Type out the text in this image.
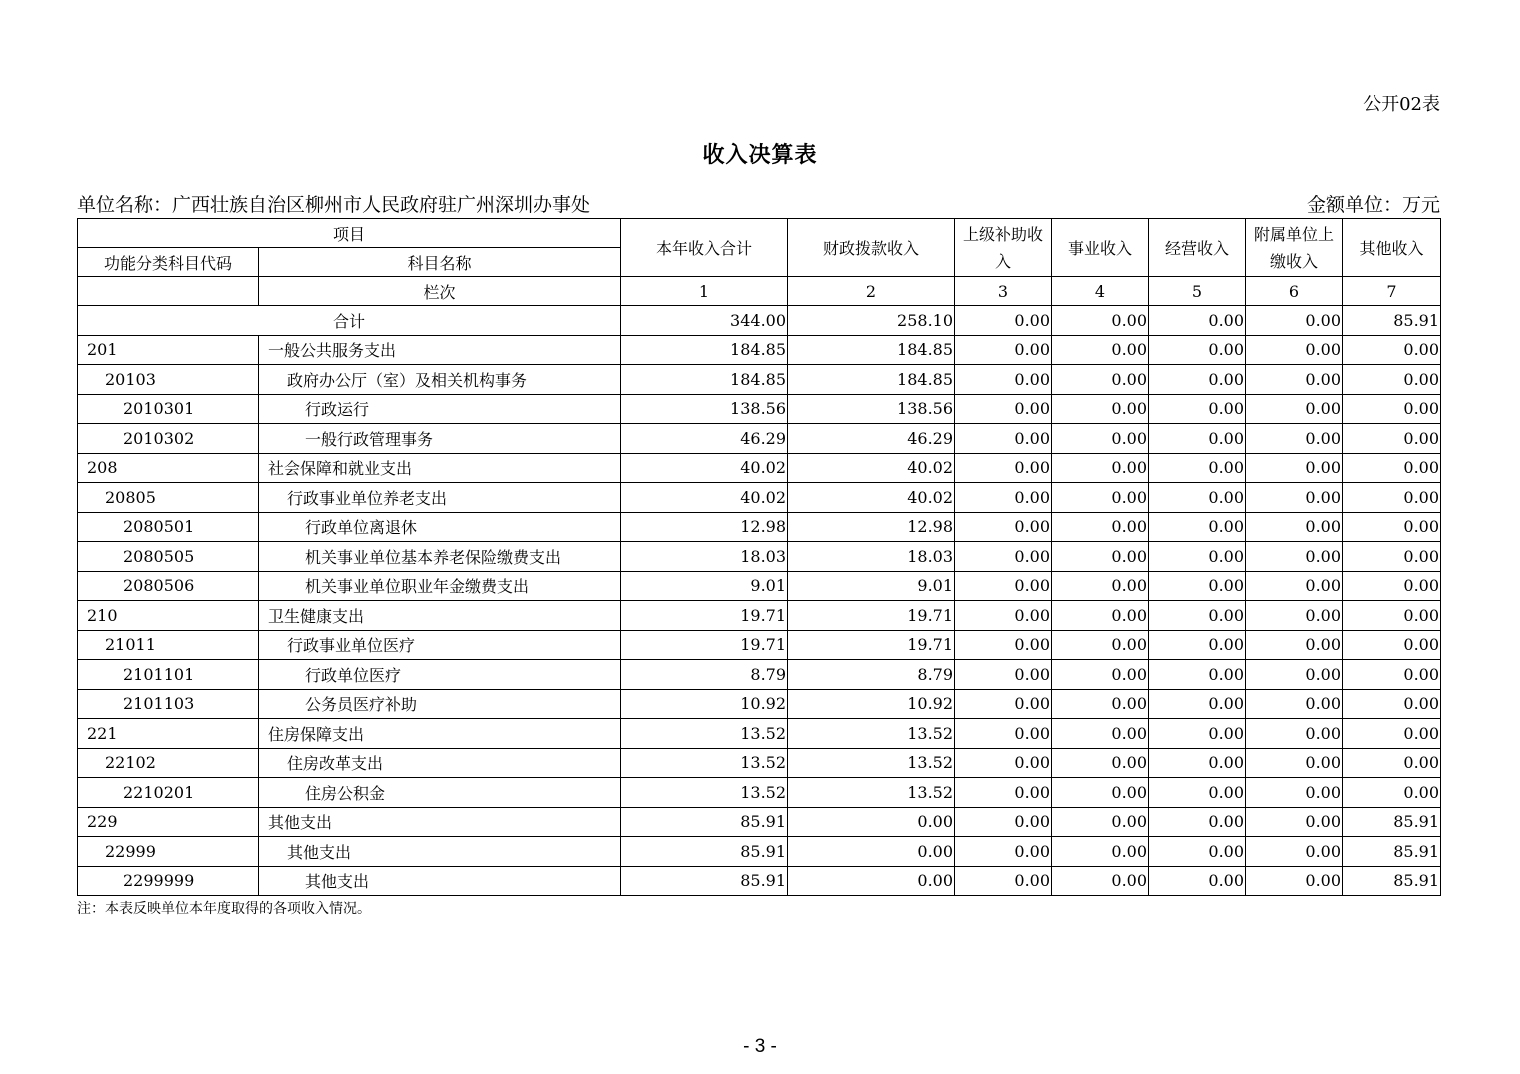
公开02表
收入决算表
单位名称：广西壮族自治区柳州市人民政府驻广州深圳办事处	金额单位：万元
项目		本年收入合计	财政拨款收入	上级补助收入	事业收入	经营收入	附属单位上缴收入	其他收入
功能分类科目代码	科目名称							
	栏次	1	2	3	4	5	6	7
合计		344.00	258.10	0.00	0.00	0.00	0.00	85.91
201	一般公共服务支出	184.85	184.85	0.00	0.00	0.00	0.00	0.00
20103	政府办公厅（室）及相关机构事务	184.85	184.85	0.00	0.00	0.00	0.00	0.00
2010301	行政运行	138.56	138.56	0.00	0.00	0.00	0.00	0.00
2010302	一般行政管理事务	46.29	46.29	0.00	0.00	0.00	0.00	0.00
208	社会保障和就业支出	40.02	40.02	0.00	0.00	0.00	0.00	0.00
20805	行政事业单位养老支出	40.02	40.02	0.00	0.00	0.00	0.00	0.00
2080501	行政单位离退休	12.98	12.98	0.00	0.00	0.00	0.00	0.00
2080505	机关事业单位基本养老保险缴费支出	18.03	18.03	0.00	0.00	0.00	0.00	0.00
2080506	机关事业单位职业年金缴费支出	9.01	9.01	0.00	0.00	0.00	0.00	0.00
210	卫生健康支出	19.71	19.71	0.00	0.00	0.00	0.00	0.00
21011	行政事业单位医疗	19.71	19.71	0.00	0.00	0.00	0.00	0.00
2101101	行政单位医疗	8.79	8.79	0.00	0.00	0.00	0.00	0.00
2101103	公务员医疗补助	10.92	10.92	0.00	0.00	0.00	0.00	0.00
221	住房保障支出	13.52	13.52	0.00	0.00	0.00	0.00	0.00
22102	住房改革支出	13.52	13.52	0.00	0.00	0.00	0.00	0.00
2210201	住房公积金	13.52	13.52	0.00	0.00	0.00	0.00	0.00
229	其他支出	85.91	0.00	0.00	0.00	0.00	0.00	85.91
22999	其他支出	85.91	0.00	0.00	0.00	0.00	0.00	85.91
2299999	其他支出	85.91	0.00	0.00	0.00	0.00	0.00	85.91
注：本表反映单位本年度取得的各项收入情况。
- 3 -
